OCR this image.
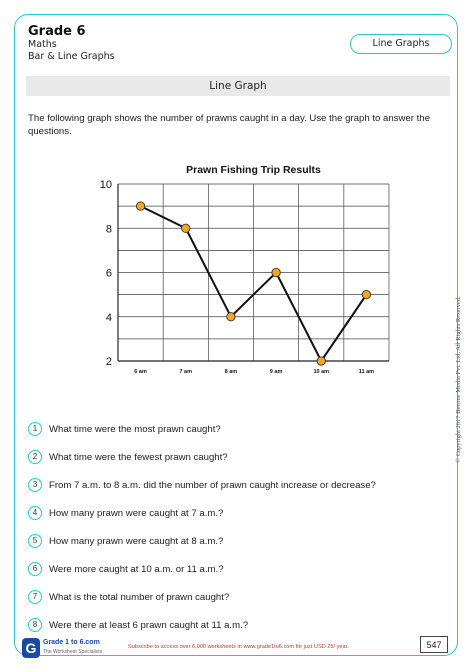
Grade 6
Maths
Bar & Line Graphs
Line Graphs
Line Graph
The following graph shows the number of prawns caught in a day. Use the graph to answer the questions.
Prawn Fishing Trip Results
2
4
6
8
10
6 am	7 am	8 am	9 am	10 am	11 am
1	What time were the most prawn caught?
2	What time were the fewest prawn caught?
3	From 7 a.m. to 8 a.m. did the number of prawn caught increase or decrease?
4	How many prawn were caught at 7 a.m.?
5	How many prawn were caught at 8 a.m.?
6	Were more caught at 10 a.m. or 11 a.m.?
7	What is the total number of prawn caught?
8	Were there at least 6 prawn caught at 11 a.m.?
© Copyright 2017 Beeone Media Pvt. Ltd. All Rights Reserved.
G Grade 1 to 6.com
The Worksheet Specialists
Subscribe to access over 6,000 worksheets in www.grade1to6.com for just USD 25/ year.	547
